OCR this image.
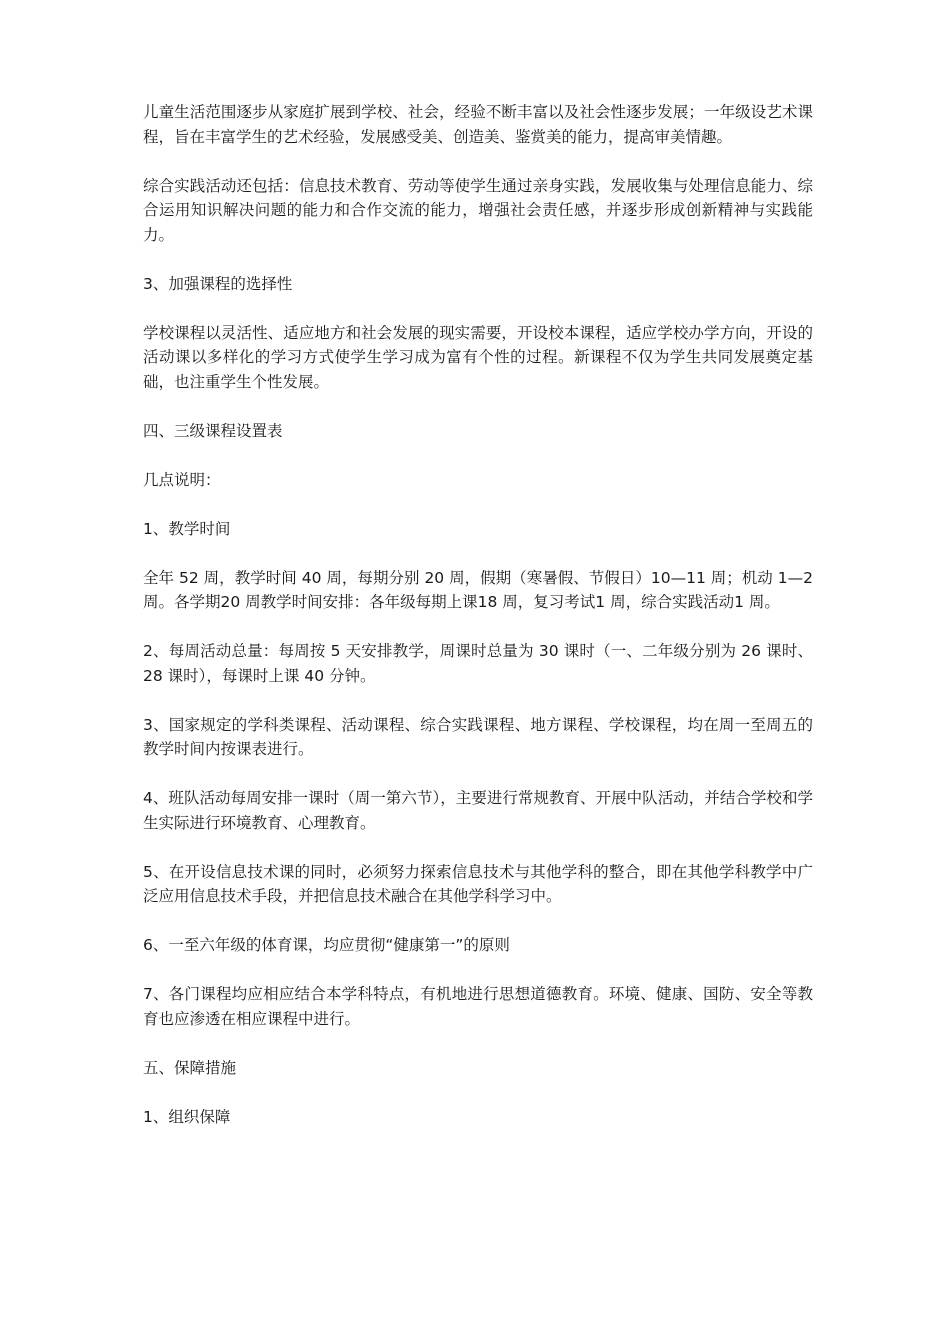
儿童生活范围逐步从家庭扩展到学校、社会，经验不断丰富以及社会性逐步发展；一年级设艺术课程，旨在丰富学生的艺术经验，发展感受美、创造美、鉴赏美的能力，提高审美情趣。

综合实践活动还包括：信息技术教育、劳动等使学生通过亲身实践，发展收集与处理信息能力、综合运用知识解决问题的能力和合作交流的能力，增强社会责任感，并逐步形成创新精神与实践能力。

3、加强课程的选择性

学校课程以灵活性、适应地方和社会发展的现实需要，开设校本课程，适应学校办学方向，开设的活动课以多样化的学习方式使学生学习成为富有个性的过程。新课程不仅为学生共同发展奠定基础，也注重学生个性发展。

四、三级课程设置表

几点说明：

1、教学时间

全年 52 周，教学时间 40 周，每期分别 20 周，假期（寒暑假、节假日）10—11 周；机动 1—2 周。各学期20 周教学时间安排：各年级每期上课18 周，复习考试1 周，综合实践活动1 周。

2、每周活动总量：每周按 5 天安排教学，周课时总量为 30 课时（一、二年级分别为 26 课时、28 课时），每课时上课 40 分钟。

3、国家规定的学科类课程、活动课程、综合实践课程、地方课程、学校课程，均在周一至周五的教学时间内按课表进行。

4、班队活动每周安排一课时（周一第六节），主要进行常规教育、开展中队活动，并结合学校和学生实际进行环境教育、心理教育。

5、在开设信息技术课的同时，必须努力探索信息技术与其他学科的整合，即在其他学科教学中广泛应用信息技术手段，并把信息技术融合在其他学科学习中。

6、一至六年级的体育课，均应贯彻“健康第一”的原则

7、各门课程均应相应结合本学科特点，有机地进行思想道德教育。环境、健康、国防、安全等教育也应渗透在相应课程中进行。

五、保障措施

1、组织保障
